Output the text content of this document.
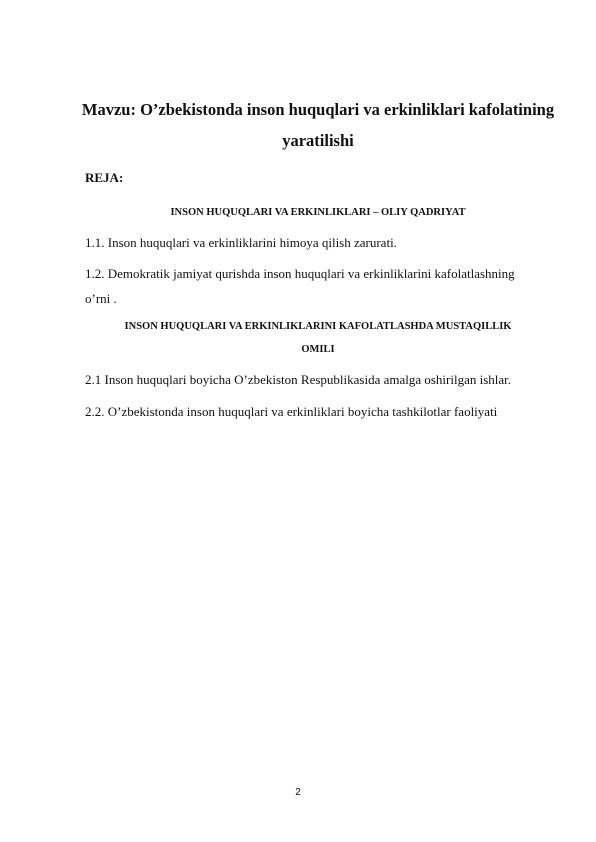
Mavzu: O’zbekistonda inson huquqlari va erkinliklari kafolatining
yaratilishi
REJA:
INSON HUQUQLARI VA ERKINLIKLARI – OLIY QADRIYAT
1.1. Inson huquqlari va erkinliklarini himoya qilish zarurati.
1.2. Demokratik jamiyat qurishda inson huquqlari va erkinliklarini kafolatlashning
o’rni .
INSON HUQUQLARI VA ERKINLIKLARINI KAFOLATLASHDA MUSTAQILLIK
OMILI
2.1 Inson huquqlari boyicha O’zbekiston Respublikasida amalga oshirilgan ishlar.
2.2. O’zbekistonda inson huquqlari va erkinliklari boyicha tashkilotlar faoliyati
2
